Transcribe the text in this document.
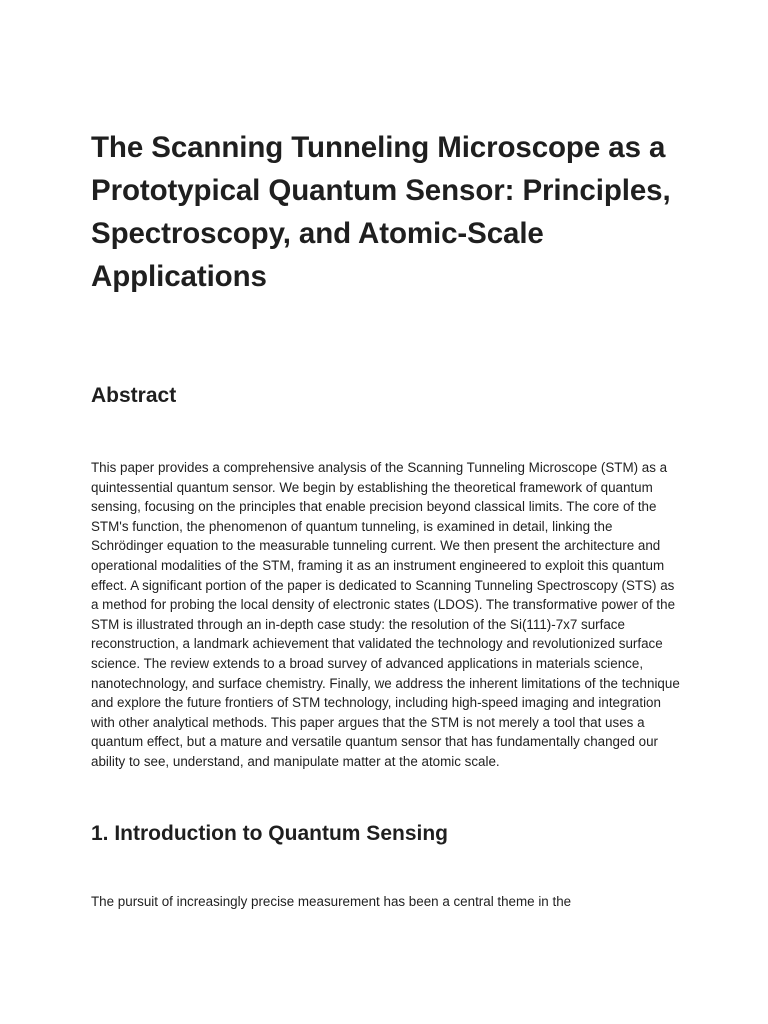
The Scanning Tunneling Microscope as a Prototypical Quantum Sensor: Principles, Spectroscopy, and Atomic-Scale Applications
Abstract

This paper provides a comprehensive analysis of the Scanning Tunneling Microscope (STM) as a quintessential quantum sensor. We begin by establishing the theoretical framework of quantum sensing, focusing on the principles that enable precision beyond classical limits. The core of the STM's function, the phenomenon of quantum tunneling, is examined in detail, linking the Schrödinger equation to the measurable tunneling current. We then present the architecture and operational modalities of the STM, framing it as an instrument engineered to exploit this quantum effect. A significant portion of the paper is dedicated to Scanning Tunneling Spectroscopy (STS) as a method for probing the local density of electronic states (LDOS). The transformative power of the STM is illustrated through an in-depth case study: the resolution of the Si(111)-7x7 surface reconstruction, a landmark achievement that validated the technology and revolutionized surface science. The review extends to a broad survey of advanced applications in materials science, nanotechnology, and surface chemistry. Finally, we address the inherent limitations of the technique and explore the future frontiers of STM technology, including high-speed imaging and integration with other analytical methods. This paper argues that the STM is not merely a tool that uses a quantum effect, but a mature and versatile quantum sensor that has fundamentally changed our ability to see, understand, and manipulate matter at the atomic scale.

1. Introduction to Quantum Sensing

The pursuit of increasingly precise measurement has been a central theme in the
